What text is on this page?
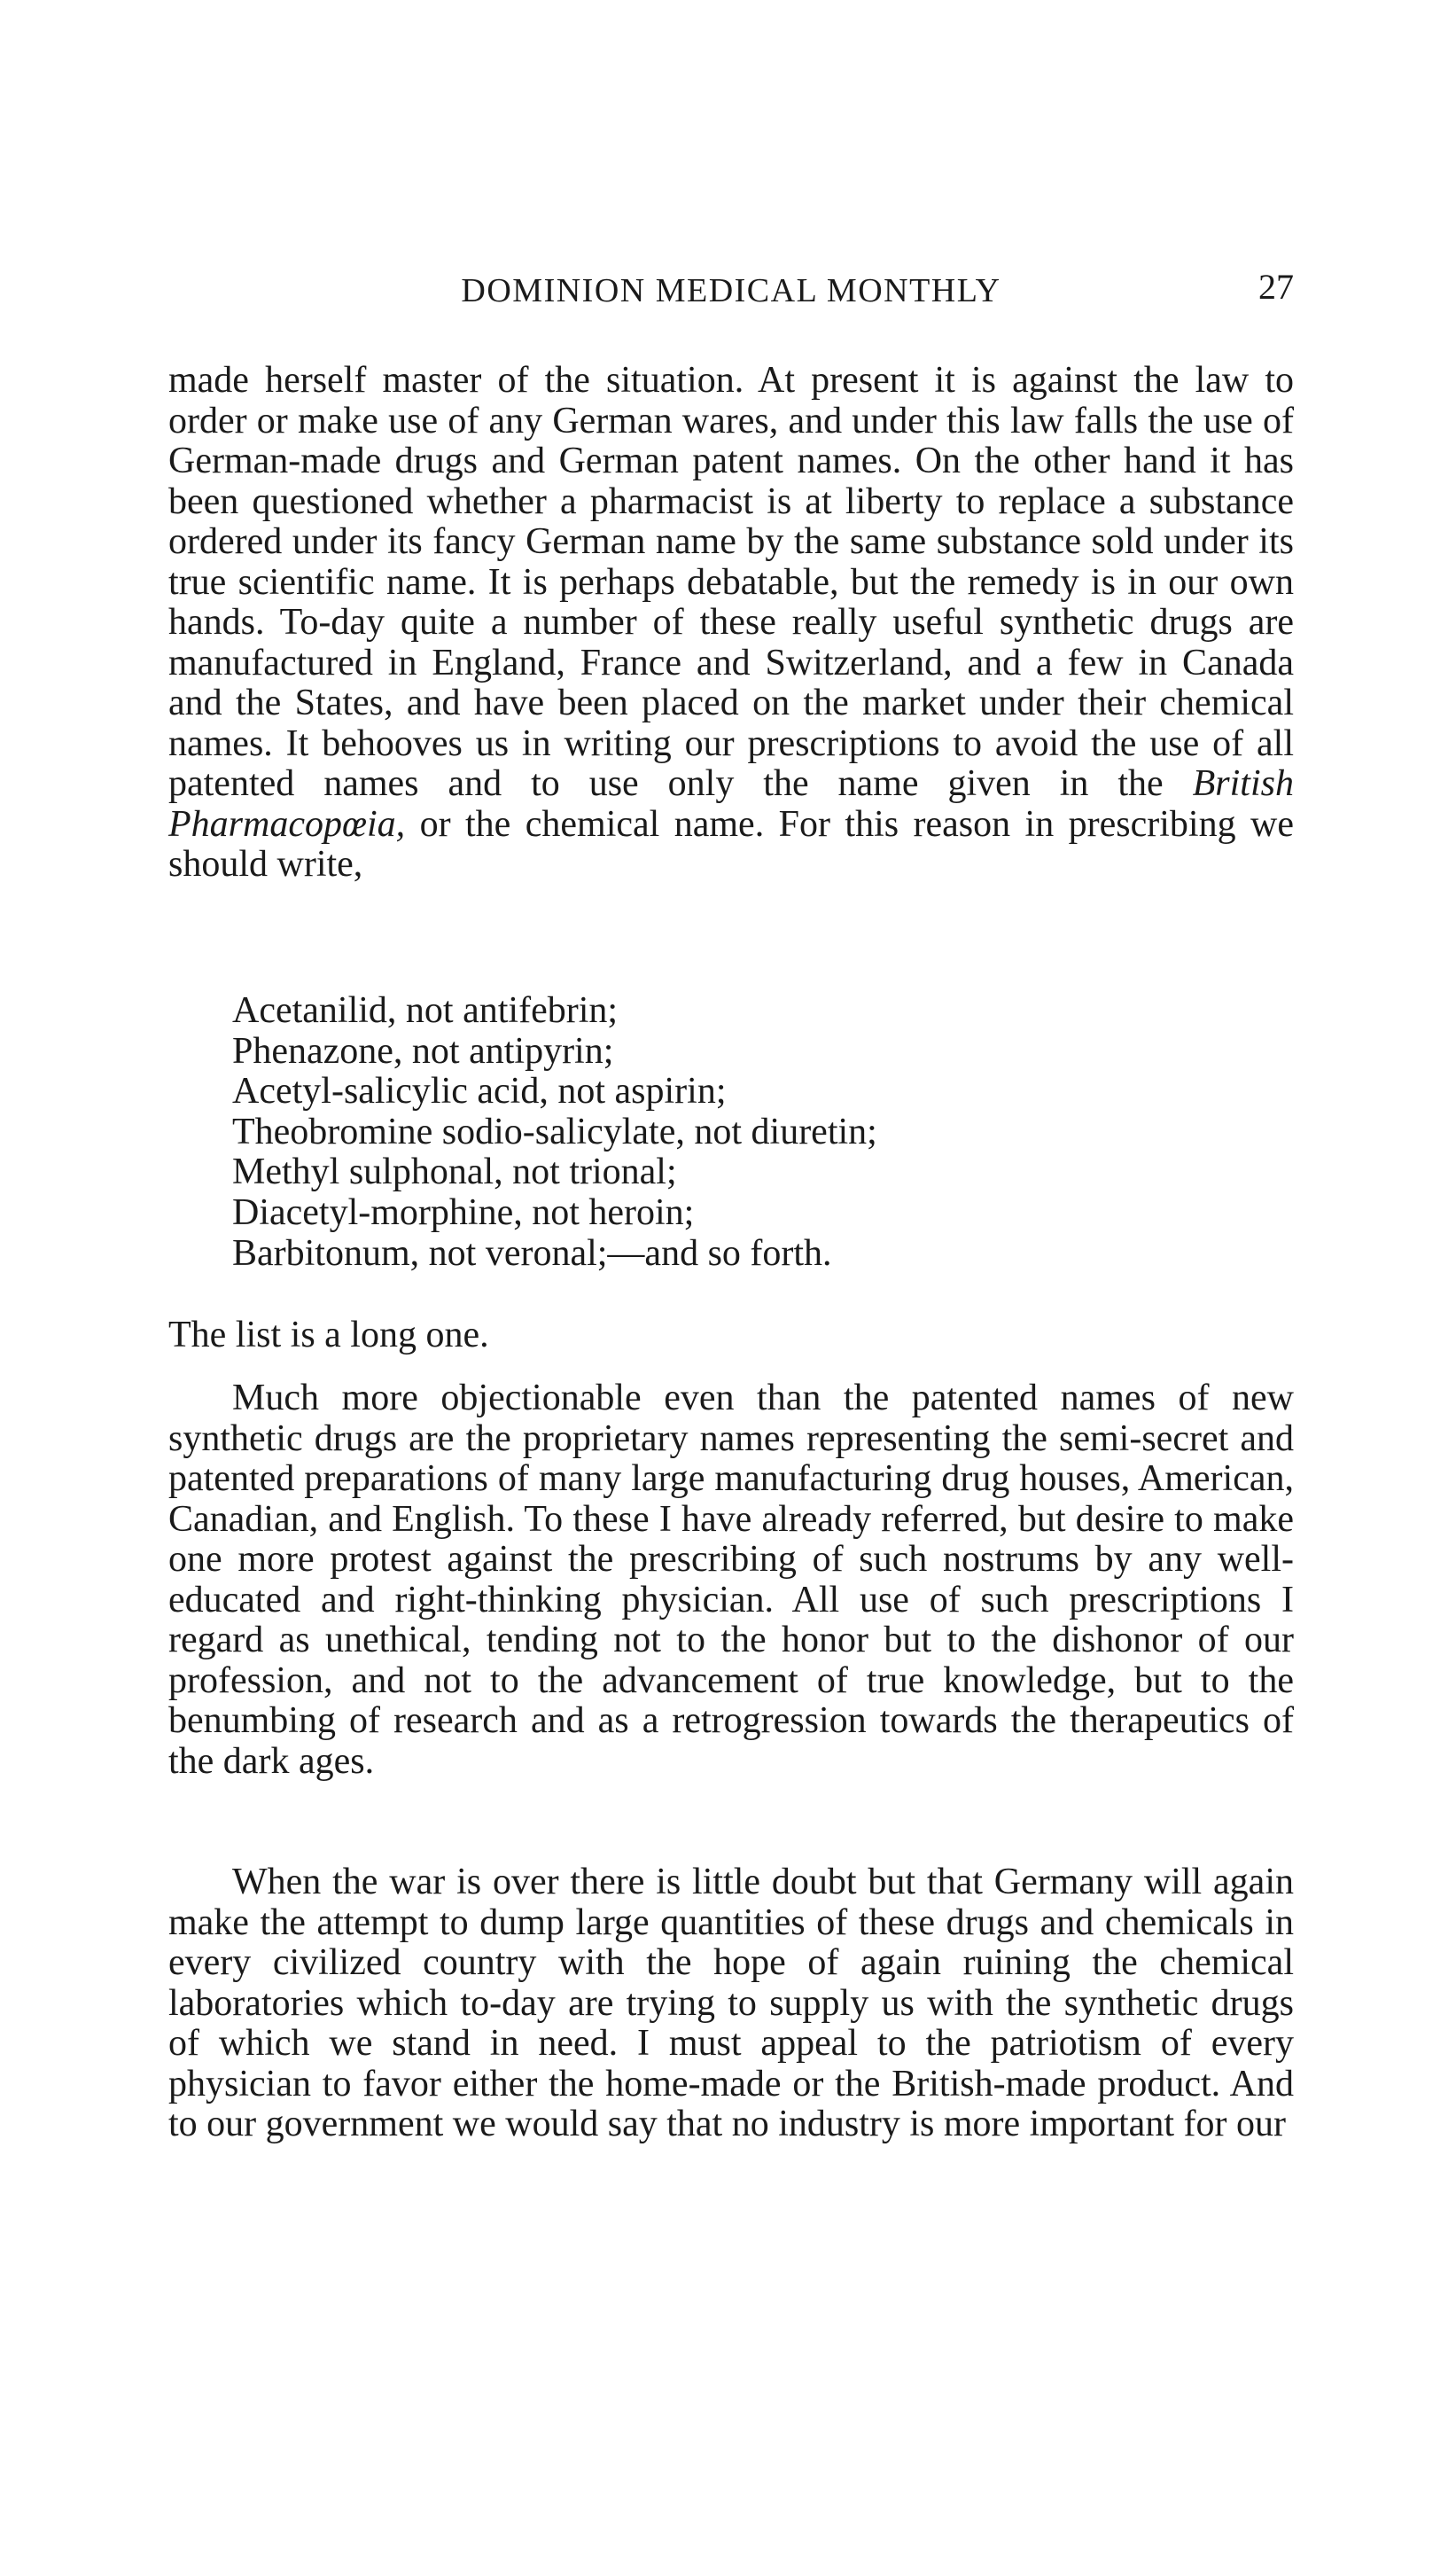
DOMINION MEDICAL MONTHLY	27

made herself master of the situation. At present it is against the law to order or make use of any German wares, and under this law falls the use of German-made drugs and German patent names. On the other hand it has been questioned whether a pharmacist is at liberty to replace a substance ordered under its fancy German name by the same substance sold under its true scientific name. It is perhaps debatable, but the remedy is in our own hands. To-day quite a number of these really useful synthetic drugs are manufactured in England, France and Switzerland, and a few in Canada and the States, and have been placed on the market under their chemical names. It behooves us in writing our prescriptions to avoid the use of all patented names and to use only the name given in the British Pharmacopœia, or the chemical name. For this reason in prescribing we should write,

Acetanilid, not antifebrin;
Phenazone, not antipyrin;
Acetyl-salicylic acid, not aspirin;
Theobromine sodio-salicylate, not diuretin;
Methyl sulphonal, not trional;
Diacetyl-morphine, not heroin;
Barbitonum, not veronal;—and so forth.

The list is a long one.

Much more objectionable even than the patented names of new synthetic drugs are the proprietary names representing the semi-secret and patented preparations of many large manufacturing drug houses, American, Canadian, and English. To these I have already referred, but desire to make one more protest against the prescribing of such nostrums by any well-educated and right-thinking physician. All use of such prescriptions I regard as unethical, tending not to the honor but to the dishonor of our profession, and not to the advancement of true knowledge, but to the benumbing of research and as a retrogression towards the therapeutics of the dark ages.

When the war is over there is little doubt but that Germany will again make the attempt to dump large quantities of these drugs and chemicals in every civilized country with the hope of again ruining the chemical laboratories which to-day are trying to supply us with the synthetic drugs of which we stand in need. I must appeal to the patriotism of every physician to favor either the home-made or the British-made product. And to our government we would say that no industry is more important for our
